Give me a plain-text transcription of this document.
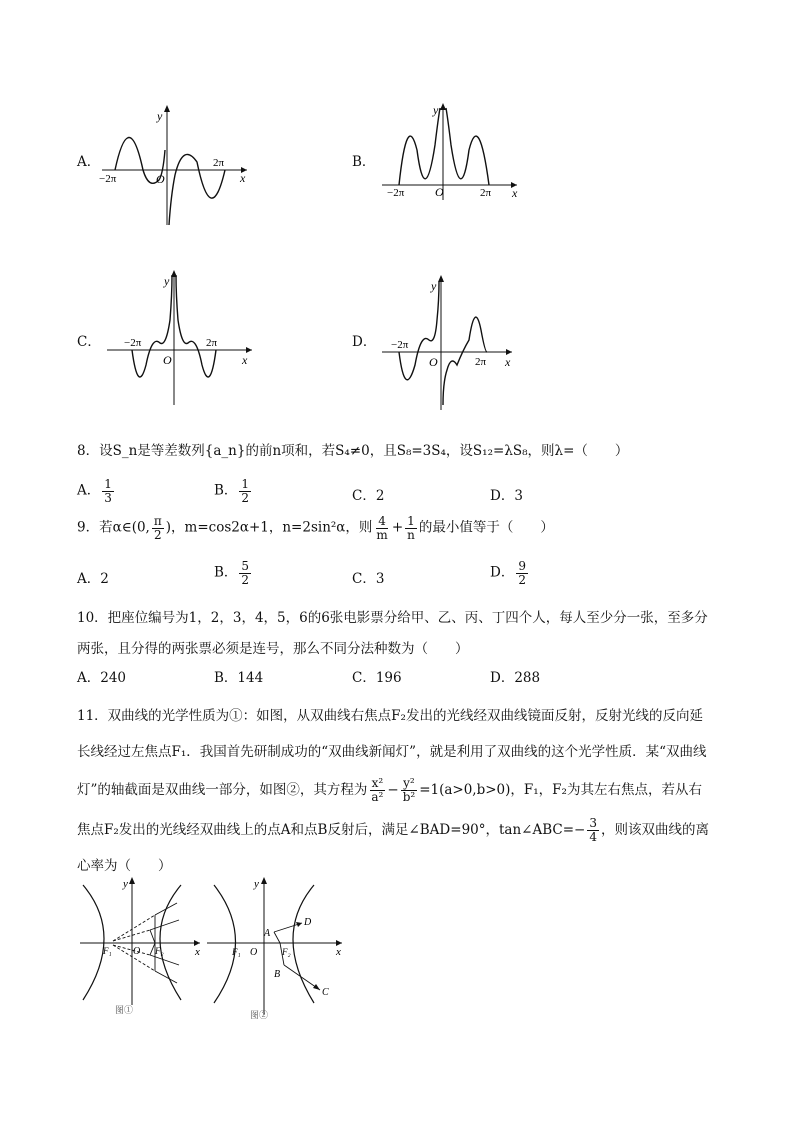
A．
y
x
O
−2π
2π	B．
y
x
O
−2π	2π
C．
y
x
O
−2π	2π	D．
y
x
O
−2π
2π
8．设S_n是等差数列{a_n}的前n项和，若S₄≠0，且S₈=3S₄，设S₁₂=λS₈，则λ=（　　）
A． $\frac{1}{3}$	B． $\frac{1}{2}$	C．2	D．3
9．若α∈(0, $\frac{\pi}{2}$ )，m=cos2α+1，n=2sin²α，则 $\frac{4}{m} + \frac{1}{n}$ 的最小值等于（　　）
A．2	B． $\frac{5}{2}$	C．3	D． $\frac{9}{2}$
10．把座位编号为1，2，3，4，5，6的6张电影票分给甲、乙、丙、丁四个人，每人至少分一张，至多分
两张，且分得的两张票必须是连号，那么不同分法种数为（　　）
A．240	B．144	C．196	D．288
11．双曲线的光学性质为①：如图，从双曲线右焦点F₂发出的光线经双曲线镜面反射，反射光线的反向延
长线经过左焦点F₁．我国首先研制成功的“双曲线新闻灯”，就是利用了双曲线的这个光学性质．某“双曲线
灯”的轴截面是双曲线一部分，如图②，其方程为 $\frac{\text{x²}}{\text{a²}} - \frac{\text{y²}}{\text{b²}} =1(a>0,b>0)$，F₁，F₂为其左右焦点，若从右
焦点F₂发出的光线经双曲线上的点A和点B反射后，满足∠BAD=90°，tan∠ABC=− $\frac{3}{4}$ ，则该双曲线的离
心率为（　　）
y
x
O
F₁	F₂
图①
y
x
O
F₁	F₂
A
B
C
D
图②
